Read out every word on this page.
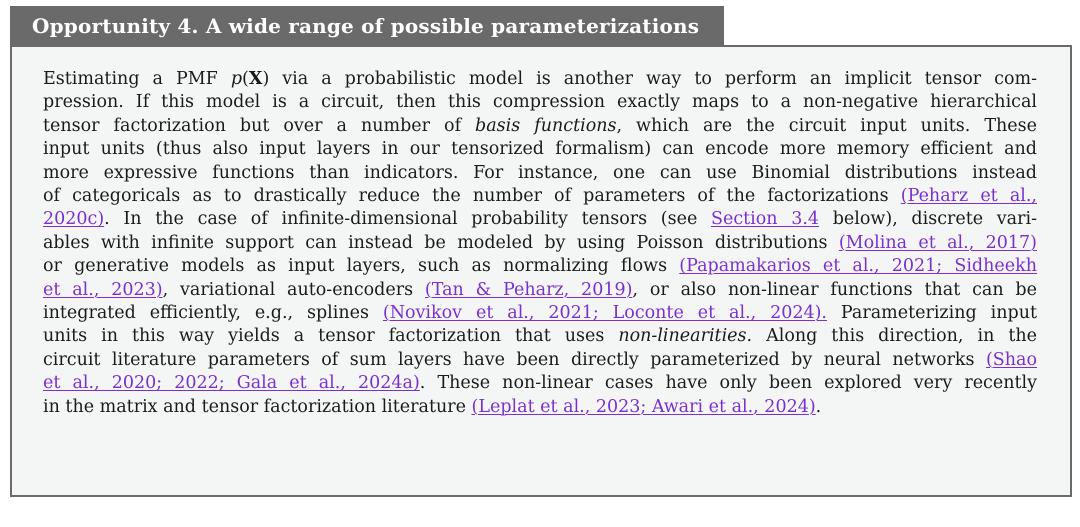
Opportunity 4. A wide range of possible parameterizations
Estimating a PMF p(X) via a probabilistic model is another way to perform an implicit tensor com-
pression. If this model is a circuit, then this compression exactly maps to a non-negative hierarchical
tensor factorization but over a number of basis functions, which are the circuit input units. These
input units (thus also input layers in our tensorized formalism) can encode more memory efficient and
more expressive functions than indicators. For instance, one can use Binomial distributions instead
of categoricals as to drastically reduce the number of parameters of the factorizations (Peharz et al.,
2020c). In the case of infinite-dimensional probability tensors (see Section 3.4 below), discrete vari-
ables with infinite support can instead be modeled by using Poisson distributions (Molina et al., 2017)
or generative models as input layers, such as normalizing flows (Papamakarios et al., 2021; Sidheekh
et al., 2023), variational auto-encoders (Tan & Peharz, 2019), or also non-linear functions that can be
integrated efficiently, e.g., splines (Novikov et al., 2021; Loconte et al., 2024). Parameterizing input
units in this way yields a tensor factorization that uses non-linearities. Along this direction, in the
circuit literature parameters of sum layers have been directly parameterized by neural networks (Shao
et al., 2020; 2022; Gala et al., 2024a). These non-linear cases have only been explored very recently
in the matrix and tensor factorization literature (Leplat et al., 2023; Awari et al., 2024).
